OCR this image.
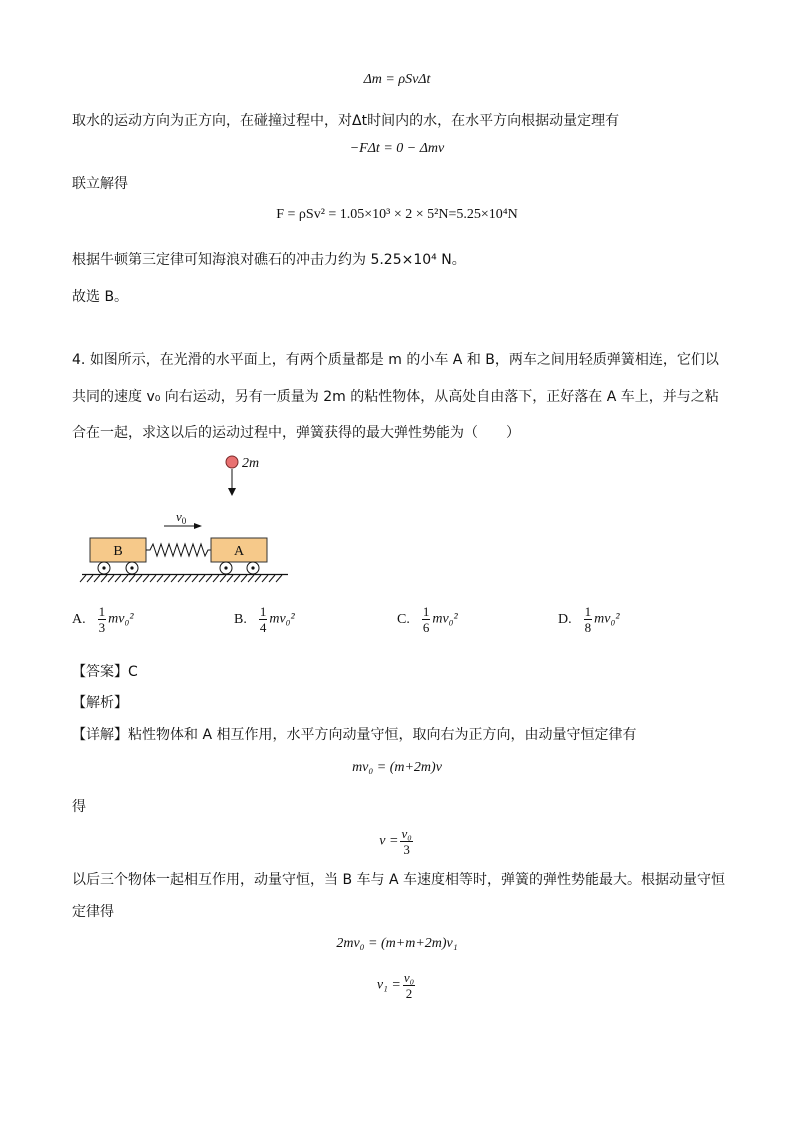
Δm = ρSvΔt
取水的运动方向为正方向，在碰撞过程中，对Δt时间内的水，在水平方向根据动量定理有
−FΔt = 0 − Δmv
联立解得
F = ρSv² = 1.05×10³ × 2 × 5²N=5.25×10⁴N
根据牛顿第三定律可知海浪对礁石的冲击力约为 5.25×10⁴ N。
故选 B。
4. 如图所示，在光滑的水平面上，有两个质量都是 m 的小车 A 和 B，两车之间用轻质弹簧相连，它们以
共同的速度 v₀ 向右运动，另有一质量为 2m 的粘性物体，从高处自由落下，正好落在 A 车上，并与之粘
合在一起，求这以后的运动过程中，弹簧获得的最大弹性势能为（　　）
2m
$v_0$
B	A
A. $\frac{1}{3} mv_0^2$	B. $\frac{1}{4} mv_0^2$	C. $\frac{1}{6} mv_0^2$	D. $\frac{1}{8} mv_0^2$
【答案】C
【解析】
【详解】粘性物体和 A 相互作用，水平方向动量守恒，取向右为正方向，由动量守恒定律有
mv₀ = (m+2m)v
得
$v = \frac{\text{v₀}}{3}$
以后三个物体一起相互作用，动量守恒，当 B 车与 A 车速度相等时，弹簧的弹性势能最大。根据动量守恒
定律得
2mv₀ = (m+m+2m)v₁
$v_1 = \frac{\text{v₀}}{2}$
